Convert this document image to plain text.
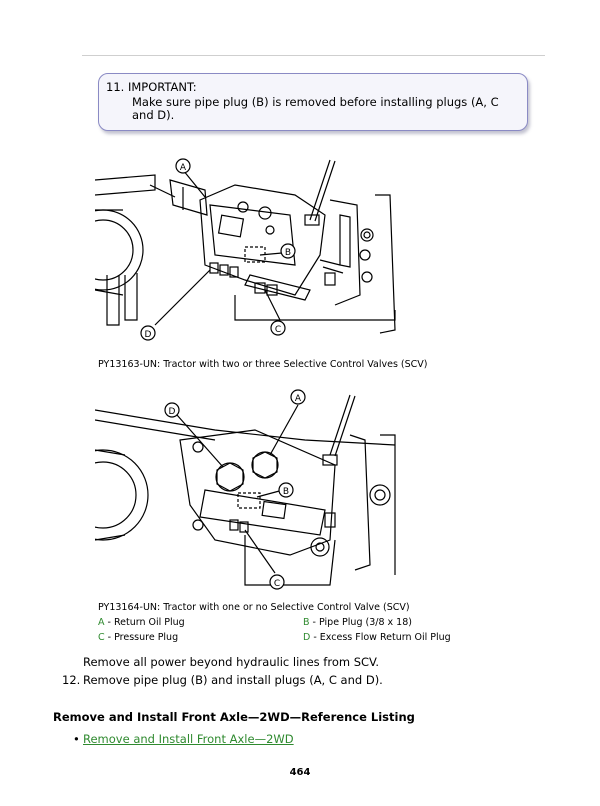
11. IMPORTANT:
Make sure pipe plug (B) is removed before installing plugs (A, C and D).
A
B
C
D
PY13163-UN: Tractor with two or three Selective Control Valves (SCV)
D
A
B
C
PY13164-UN: Tractor with one or no Selective Control Valve (SCV)
A - Return Oil Plug	B - Pipe Plug (3/8 x 18)
C - Pressure Plug	D - Excess Flow Return Oil Plug
Remove all power beyond hydraulic lines from SCV.
12. Remove pipe plug (B) and install plugs (A, C and D).
Remove and Install Front Axle—2WD—Reference Listing
• Remove and Install Front Axle—2WD
464
